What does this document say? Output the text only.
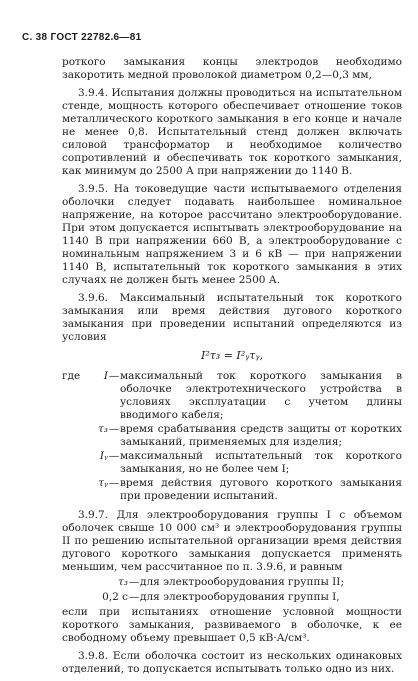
С. 38 ГОСТ 22782.6—81

роткого замыкания концы электродов необходимо закоротить медной проволокой диаметром 0,2—0,3 мм,

3.9.4. Испытания должны проводиться на испытательном стенде, мощность которого обеспечивает отношение токов металлического короткого замыкания в его конце и начале не менее 0,8. Испытательный стенд должен включать силовой трансформатор и необходимое количество сопротивлений и обеспечивать ток короткого замыкания, как минимум до 2500 А при напряжении до 1140 В.

3.9.5. На токоведущие части испытываемого отделения оболочки следует подавать наибольшее номинальное напряжение, на которое рассчитано электрооборудование. При этом допускается испытывать электрооборудование на 1140 В при напряжении 660 В, а электрооборудование с номинальным напряжением 3 и 6 кВ — при напряжении 1140 В, испытательный ток короткого замыкания в этих случаях не должен быть менее 2500 А.

3.9.6. Максимальный испытательный ток короткого замыкания или время действия дугового короткого замыкания при проведении испытаний определяются из условия

I²τ₃ = I²ᵧτᵧ,
где	I — максимальный ток короткого замыкания в оболочке электротехнического устройства в условиях эксплуатации с учетом длины вводимого кабеля;
τ₃ — время срабатывания средств защиты от коротких замыканий, применяемых для изделия;
Iᵧ — максимальный испытательный ток короткого замыкания, но не более чем I;
τᵧ — время действия дугового короткого замыкания при проведении испытаний.

3.9.7. Для электрооборудования группы I с объемом оболочек свыше 10 000 см³ и электрооборудования группы II по решению испытательной организации время действия дугового короткого замыкания допускается применять меньшим, чем рассчитанное по п. 3.9.6, и равным

τ₃ — для электрооборудования группы II;
0,2 с — для электрооборудования группы I,

если при испытаниях отношение условной мощности короткого замыкания, развиваемого в оболочке, к ее свободному объему превышает 0,5 кВ·А/см³.

3.9.8. Если оболочка состоит из нескольких одинаковых отделений, то допускается испытывать только одно из них.
